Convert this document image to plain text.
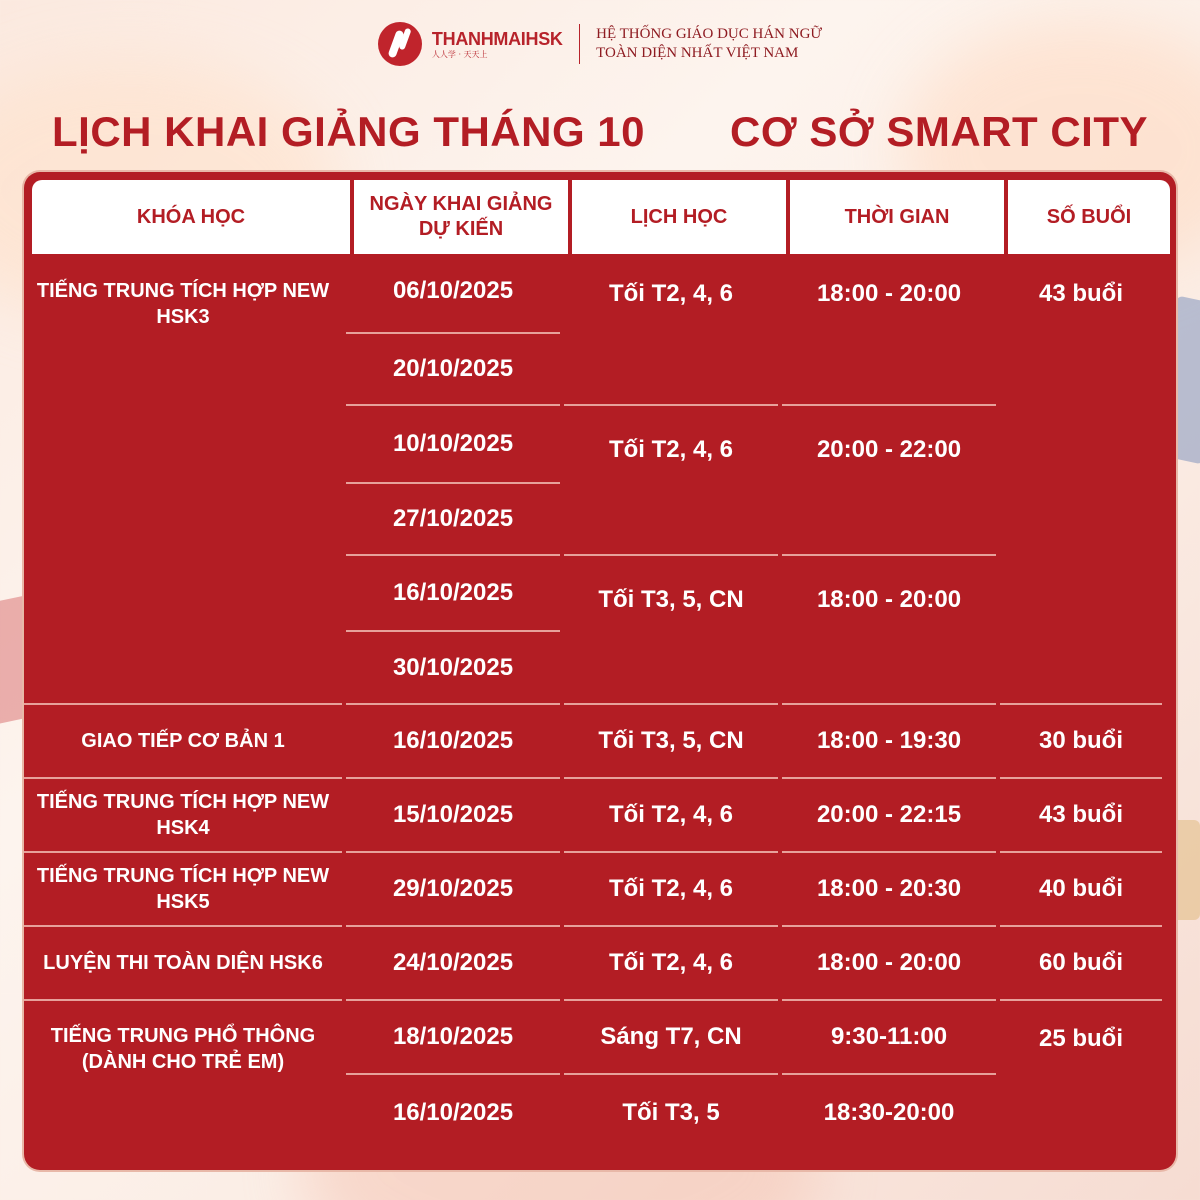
THANHMAIHSK
人人学 · 天天上
HỆ THỐNG GIÁO DỤC HÁN NGỮ
TOÀN DIỆN NHẤT VIỆT NAM
LỊCH KHAI GIẢNG THÁNG 10 CƠ SỞ SMART CITY
KHÓA HỌC
NGÀY KHAI GIẢNG DỰ KIẾN
LỊCH HỌC	THỜI GIAN	SỐ BUỔI
TIẾNG TRUNG TÍCH HỢP NEW HSK3
GIAO TIẾP CƠ BẢN 1
TIẾNG TRUNG TÍCH HỢP NEW HSK4
TIẾNG TRUNG TÍCH HỢP NEW HSK5
LUYỆN THI TOÀN DIỆN HSK6
TIẾNG TRUNG PHỔ THÔNG (DÀNH CHO TRẺ EM)
06/10/2025
20/10/2025
10/10/2025
27/10/2025
16/10/2025
30/10/2025
16/10/2025
15/10/2025
29/10/2025
24/10/2025
18/10/2025
16/10/2025
Tối T2, 4, 6
Tối T2, 4, 6
Tối T3, 5, CN
Tối T3, 5, CN
Tối T2, 4, 6
Tối T2, 4, 6
Tối T2, 4, 6
Sáng T7, CN
Tối T3, 5
18:00 - 20:00
20:00 - 22:00
18:00 - 20:00
18:00 - 19:30
20:00 - 22:15
18:00 - 20:30
18:00 - 20:00
9:30-11:00
18:30-20:00
43 buổi
30 buổi
43 buổi
40 buổi
60 buổi
25 buổi
